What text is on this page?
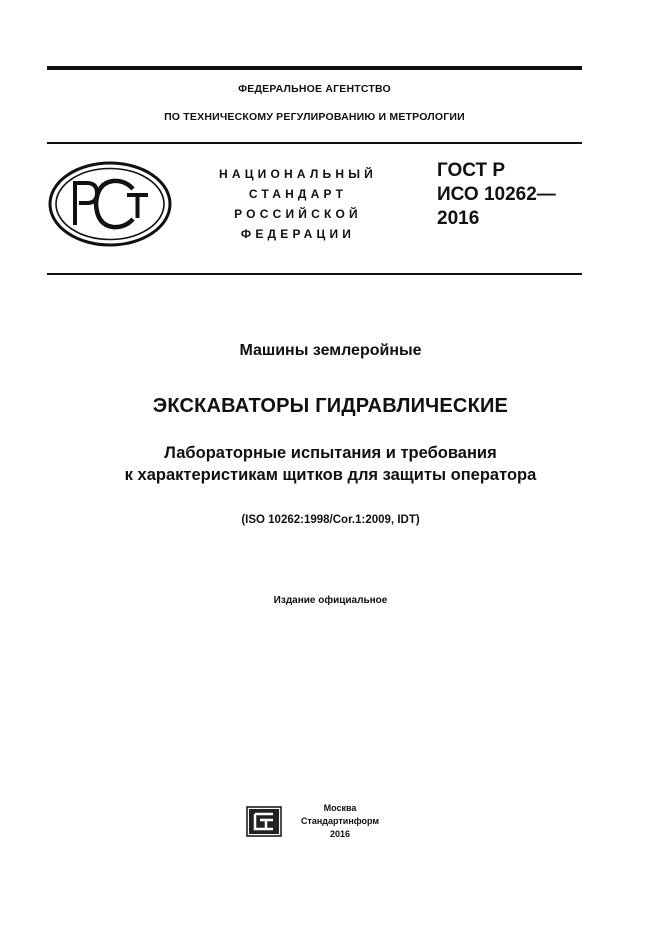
ФЕДЕРАЛЬНОЕ АГЕНТСТВО
ПО ТЕХНИЧЕСКОМУ РЕГУЛИРОВАНИЮ И МЕТРОЛОГИИ
НАЦИОНАЛЬНЫЙ
СТАНДАРТ
РОССИЙСКОЙ
ФЕДЕРАЦИИ
ГОСТ Р
ИСО 10262—
2016
Машины землеройные
ЭКСКАВАТОРЫ ГИДРАВЛИЧЕСКИЕ
Лабораторные испытания и требования
к характеристикам щитков для защиты оператора
(ISO 10262:1998/Cor.1:2009, IDT)
Издание официальное
Москва
Стандартинформ
2016
